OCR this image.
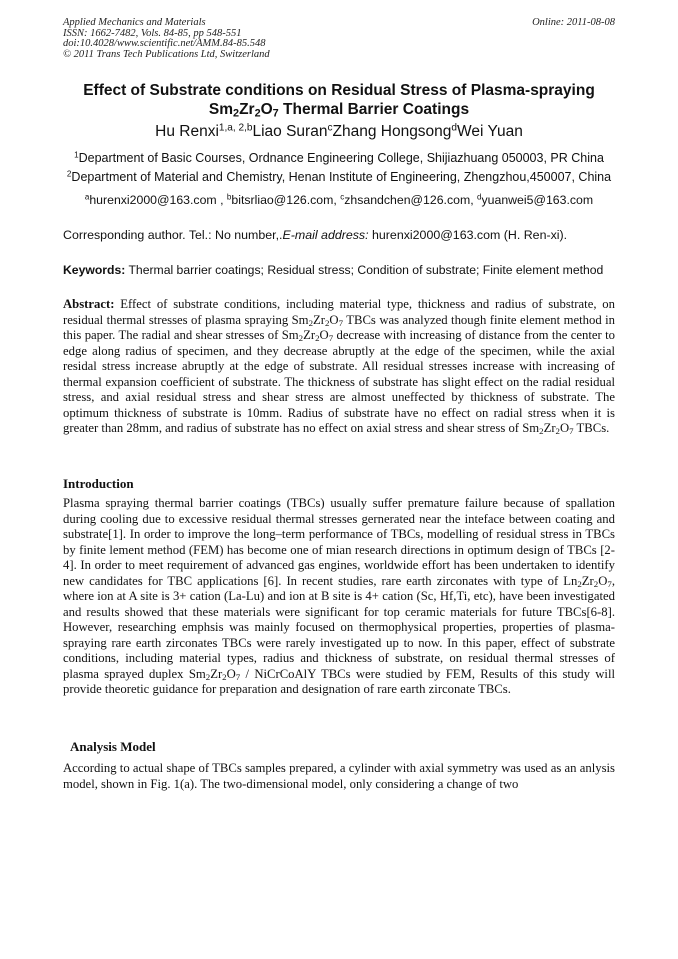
Applied Mechanics and Materials
ISSN: 1662-7482, Vols. 84-85, pp 548-551
doi:10.4028/www.scientific.net/AMM.84-85.548
© 2011 Trans Tech Publications Ltd, Switzerland
Online: 2011-08-08
Effect of Substrate conditions on Residual Stress of Plasma-spraying
$Sm_2Zr_2O_7$ Thermal Barrier Coatings
Hu Renxi$^{1,a, 2,b}$Liao Suran$^c$Zhang Hongsong$^d$Wei Yuan
$^1$Department of Basic Courses, Ordnance Engineering College, Shijiazhuang 050003, PR China
$^2$Department of Material and Chemistry, Henan Institute of Engineering, Zhengzhou,450007, China
$^a$hurenxi2000@163.com , $^b$bitsrliao@126.com, $^c$zhsandchen@126.com, $^d$yuanwei5@163.com
Corresponding author. Tel.: No number,.E-mail address: hurenxi2000@163.com (H. Ren-xi).
Keywords: Thermal barrier coatings; Residual stress; Condition of substrate; Finite element method
Abstract: Effect of substrate conditions, including material type, thickness and radius of substrate, on residual thermal stresses of plasma spraying $Sm_2Zr_2O_7$ TBCs was analyzed though finite element method in this paper. The radial and shear stresses of $Sm_2Zr_2O_7$ decrease with increasing of distance from the center to edge along radius of specimen, and they decrease abruptly at the edge of the specimen, while the axial residal stress increase abruptly at the edge of substrate. All residual stresses increase with increasing of thermal expansion coefficient of substrate. The thickness of substrate has slight effect on the radial residual stress, and axial residual stress and shear stress are almost uneffected by thickness of substrate. The optimum thickness of substrate is 10mm. Radius of substrate have no effect on radial stress when it is greater than 28mm, and radius of substrate has no effect on axial stress and shear stress of $Sm_2Zr_2O_7$ TBCs.
Introduction
Plasma spraying thermal barrier coatings (TBCs) usually suffer premature failure because of spallation during cooling due to excessive residual thermal stresses gernerated near the inteface between coating and substrate[1]. In order to improve the long–term performance of TBCs, modelling of residual stress in TBCs by finite lement method (FEM) has become one of mian research directions in optimum design of TBCs [2-4]. In order to meet requirement of advanced gas engines, worldwide effort has been undertaken to identify new candidates for TBC applications [6]. In recent studies, rare earth zirconates with type of $Ln_2Zr_2O_7$, where ion at A site is 3+ cation (La-Lu) and ion at B site is 4+ cation (Sc, Hf,Ti, etc), have been investigated and results showed that these materials were significant for top ceramic materials for future TBCs[6-8]. However, researching emphsis was mainly focused on thermophysical properties, properties of plasma-spraying rare earth zirconates TBCs were rarely investigated up to now. In this paper, effect of substrate conditions, including material types, radius and thickness of substrate, on residual thermal stresses of plasma sprayed duplex $Sm_2Zr_2O_7$ / NiCrCoAlY TBCs were studied by FEM, Results of this study will provide theoretic guidance for preparation and designation of rare earth zirconate TBCs.
Analysis Model
According to actual shape of TBCs samples prepared, a cylinder with axial symmetry was used as an anlysis model, shown in Fig. 1(a). The two-dimensional model, only considering a change of two
